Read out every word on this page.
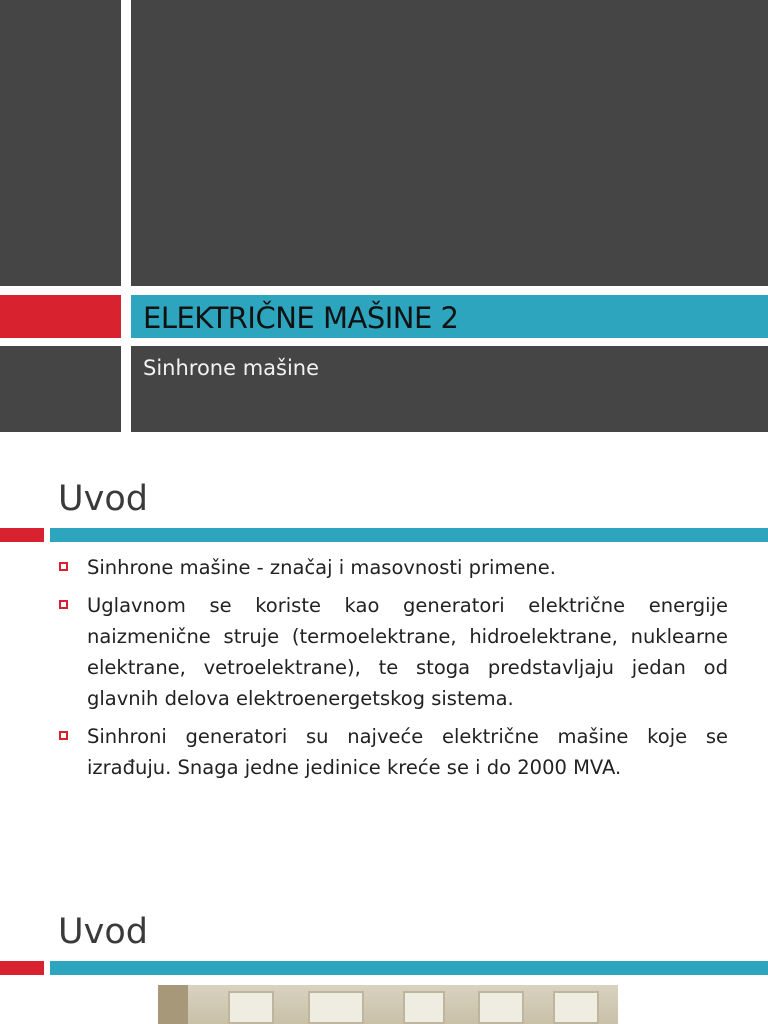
ELEKTRIČNE MAŠINE 2
Sinhrone mašine
Uvod
Sinhrone mašine - značaj i masovnosti primene.
Uglavnom se koriste kao generatori električne energije naizmenične struje (termoelektrane, hidroelektrane, nuklearne elektrane, vetroelektrane), te stoga predstavljaju jedan od glavnih delova elektroenergetskog sistema.
Sinhroni generatori su najveće električne mašine koje se izrađuju. Snaga jedne jedinice kreće se i do 2000 MVA.
Uvod
